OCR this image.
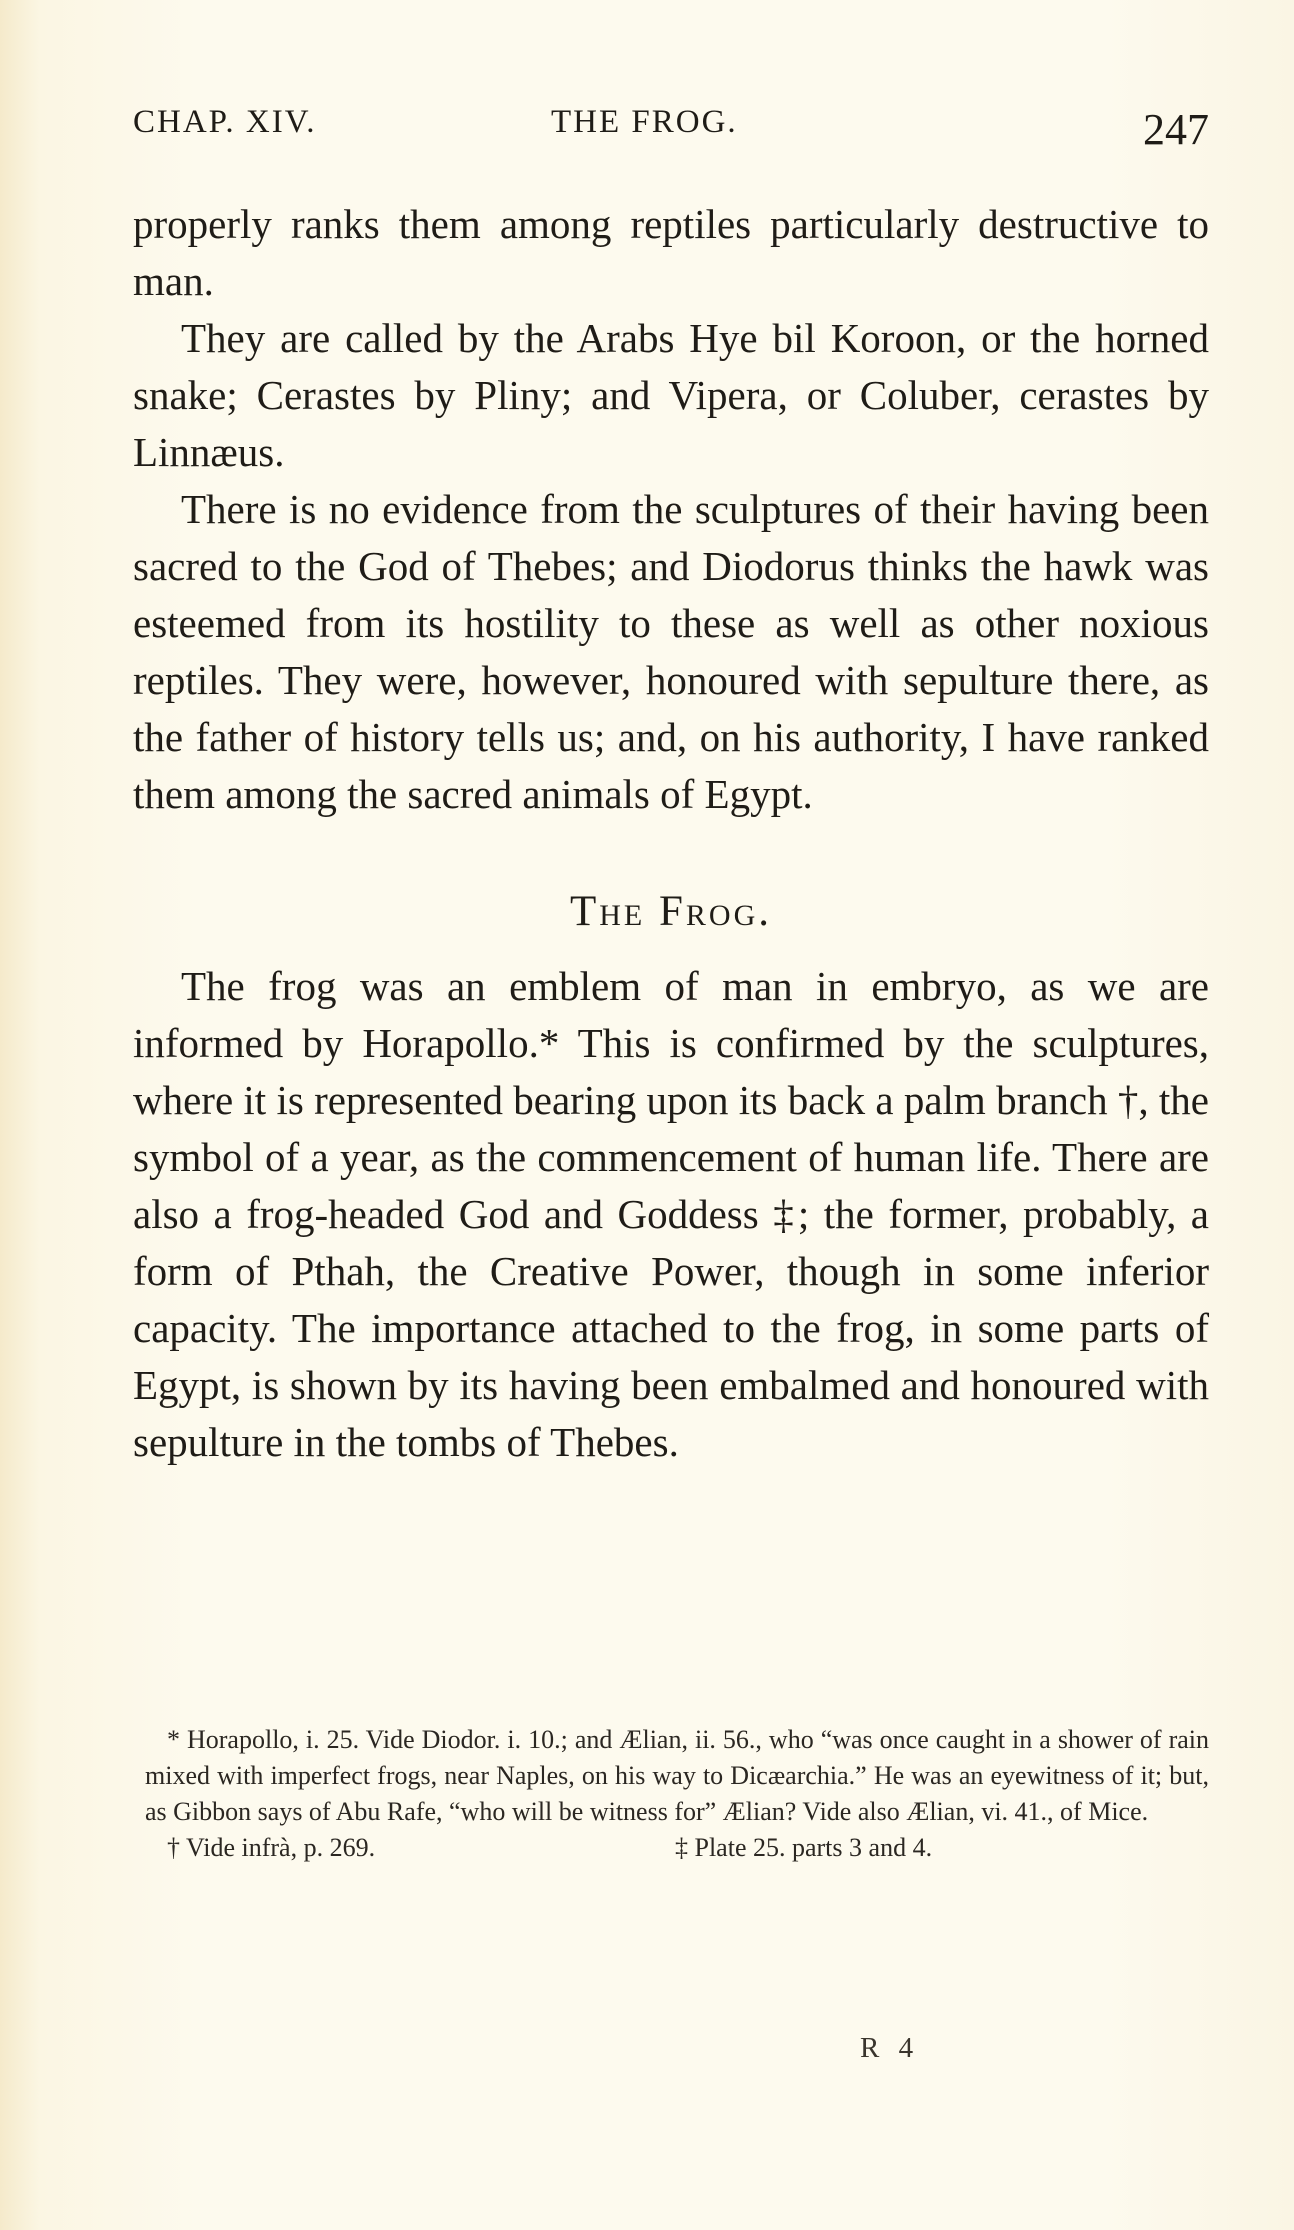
CHAP. XIV.	THE FROG.	247

properly ranks them among reptiles particularly destructive to man.

They are called by the Arabs Hye bil Koroon, or the horned snake; Cerastes by Pliny; and Vipera, or Coluber, cerastes by Linnæus.

There is no evidence from the sculptures of their having been sacred to the God of Thebes; and Diodorus thinks the hawk was esteemed from its hostility to these as well as other noxious reptiles. They were, however, honoured with sepulture there, as the father of history tells us; and, on his authority, I have ranked them among the sacred animals of Egypt.

The Frog.

The frog was an emblem of man in embryo, as we are informed by Horapollo.* This is confirmed by the sculptures, where it is represented bearing upon its back a palm branch †, the symbol of a year, as the commencement of human life. There are also a frog-headed God and Goddess ‡; the former, probably, a form of Pthah, the Creative Power, though in some inferior capacity. The importance attached to the frog, in some parts of Egypt, is shown by its having been embalmed and honoured with sepulture in the tombs of Thebes.

* Horapollo, i. 25. Vide Diodor. i. 10.; and Ælian, ii. 56., who “was once caught in a shower of rain mixed with imperfect frogs, near Naples, on his way to Dicæarchia.” He was an eyewitness of it; but, as Gibbon says of Abu Rafe, “who will be witness for” Ælian? Vide also Ælian, vi. 41., of Mice.

† Vide infrà, p. 269.	‡ Plate 25. parts 3 and 4.
R 4
